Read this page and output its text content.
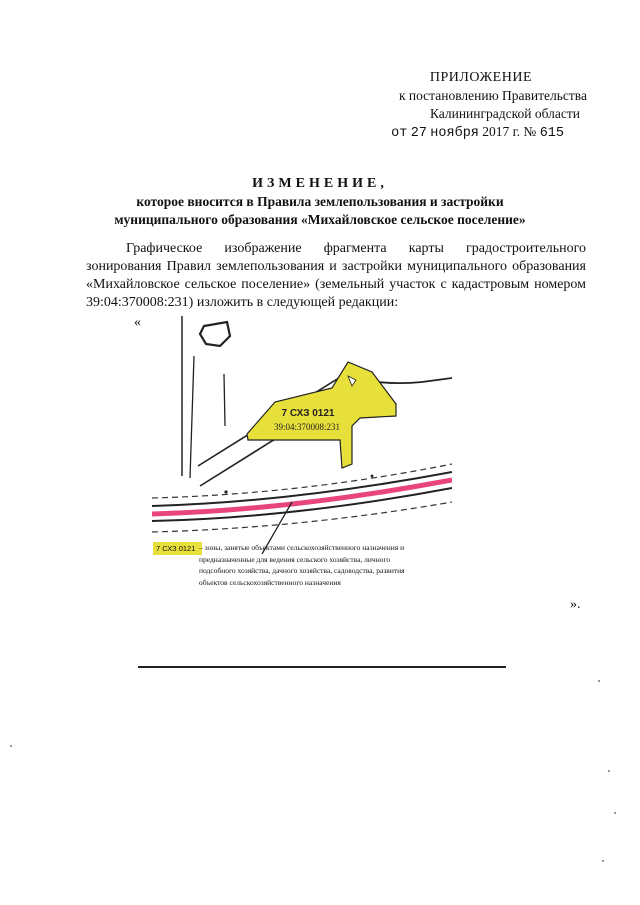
ПРИЛОЖЕНИЕ
к постановлению Правительства
Калининградской области
от 27 ноября 2017 г. № 615
ИЗМЕНЕНИЕ,
которое вносится в Правила землепользования и застройки
муниципального образования «Михайловское сельское поселение»
Графическое изображение фрагмента карты градостроительного зонирования Правил землепользования и застройки муниципального образования «Михайловское сельское поселение» (земельный участок с кадастровым номером 39:04:370008:231) изложить в следующей редакции:
«
7 СХЗ 0121
39:04:370008:231
7 СХЗ 0121 – зоны, занятые объектами сельскохозяйственного назначения и предназначенные для ведения сельского хозяйства, личного подсобного хозяйства, дачного хозяйства, садоводства, развития объектов сельскохозяйственного назначения
».
